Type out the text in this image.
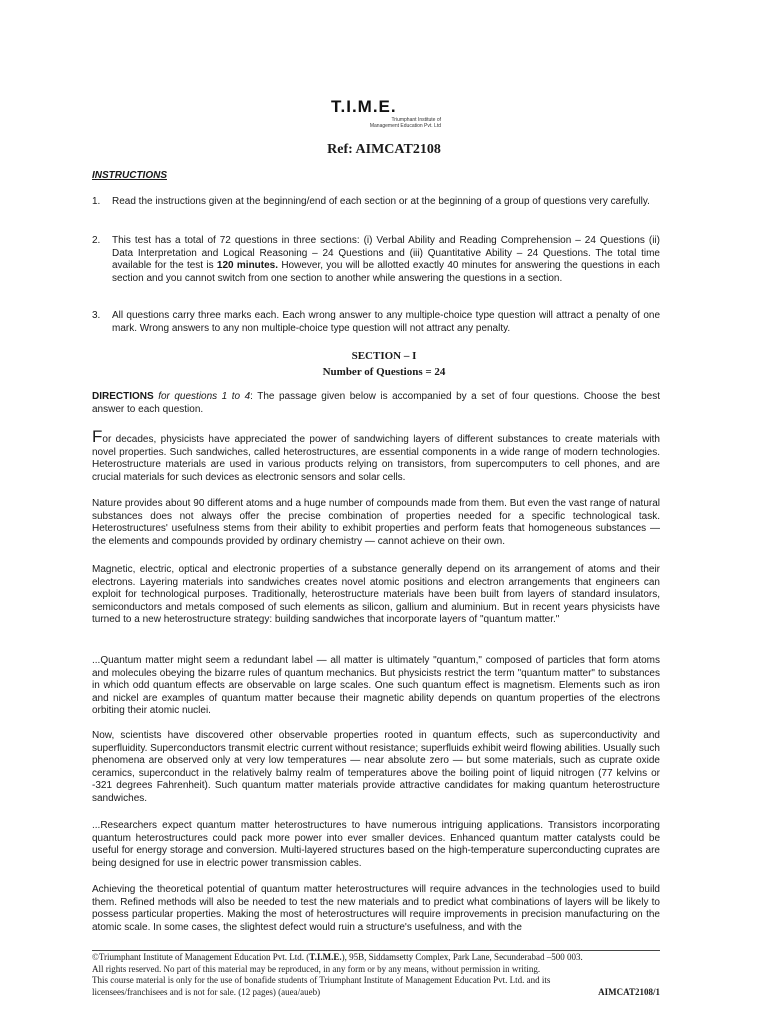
T.I.M.E.
Triumphant Institute of
Management Education Pvt. Ltd
Ref: AIMCAT2108
INSTRUCTIONS
1.	Read the instructions given at the beginning/end of each section or at the beginning of a group of questions very carefully.
2.	This test has a total of 72 questions in three sections: (i) Verbal Ability and Reading Comprehension – 24 Questions (ii) Data Interpretation and Logical Reasoning – 24 Questions and (iii) Quantitative Ability – 24 Questions. The total time available for the test is 120 minutes. However, you will be allotted exactly 40 minutes for answering the questions in each section and you cannot switch from one section to another while answering the questions in a section.
3.	All questions carry three marks each. Each wrong answer to any multiple-choice type question will attract a penalty of one mark. Wrong answers to any non multiple-choice type question will not attract any penalty.
SECTION – I
Number of Questions = 24
DIRECTIONS for questions 1 to 4: The passage given below is accompanied by a set of four questions. Choose the best answer to each question.
For decades, physicists have appreciated the power of sandwiching layers of different substances to create materials with novel properties. Such sandwiches, called heterostructures, are essential components in a wide range of modern technologies. Heterostructure materials are used in various products relying on transistors, from supercomputers to cell phones, and are crucial materials for such devices as electronic sensors and solar cells.
Nature provides about 90 different atoms and a huge number of compounds made from them. But even the vast range of natural substances does not always offer the precise combination of properties needed for a specific technological task. Heterostructures' usefulness stems from their ability to exhibit properties and perform feats that homogeneous substances — the elements and compounds provided by ordinary chemistry — cannot achieve on their own.
Magnetic, electric, optical and electronic properties of a substance generally depend on its arrangement of atoms and their electrons. Layering materials into sandwiches creates novel atomic positions and electron arrangements that engineers can exploit for technological purposes. Traditionally, heterostructure materials have been built from layers of standard insulators, semiconductors and metals composed of such elements as silicon, gallium and aluminium. But in recent years physicists have turned to a new heterostructure strategy: building sandwiches that incorporate layers of "quantum matter."
...Quantum matter might seem a redundant label — all matter is ultimately "quantum," composed of particles that form atoms and molecules obeying the bizarre rules of quantum mechanics. But physicists restrict the term "quantum matter" to substances in which odd quantum effects are observable on large scales. One such quantum effect is magnetism. Elements such as iron and nickel are examples of quantum matter because their magnetic ability depends on quantum properties of the electrons orbiting their atomic nuclei.
Now, scientists have discovered other observable properties rooted in quantum effects, such as superconductivity and superfluidity. Superconductors transmit electric current without resistance; superfluids exhibit weird flowing abilities. Usually such phenomena are observed only at very low temperatures — near absolute zero — but some materials, such as cuprate oxide ceramics, superconduct in the relatively balmy realm of temperatures above the boiling point of liquid nitrogen (77 kelvins or -321 degrees Fahrenheit). Such quantum matter materials provide attractive candidates for making quantum heterostructure sandwiches.
...Researchers expect quantum matter heterostructures to have numerous intriguing applications. Transistors incorporating quantum heterostructures could pack more power into ever smaller devices. Enhanced quantum matter catalysts could be useful for energy storage and conversion. Multi-layered structures based on the high-temperature superconducting cuprates are being designed for use in electric power transmission cables.
Achieving the theoretical potential of quantum matter heterostructures will require advances in the technologies used to build them. Refined methods will also be needed to test the new materials and to predict what combinations of layers will be likely to possess particular properties. Making the most of heterostructures will require improvements in precision manufacturing on the atomic scale. In some cases, the slightest defect would ruin a structure's usefulness, and with the
©Triumphant Institute of Management Education Pvt. Ltd. (T.I.M.E.), 95B, Siddamsetty Complex, Park Lane, Secunderabad –500 003.
All rights reserved. No part of this material may be reproduced, in any form or by any means, without permission in writing.
This course material is only for the use of bonafide students of Triumphant Institute of Management Education Pvt. Ltd. and its
licensees/franchisees and is not for sale. (12 pages) (auea/aueb)	AIMCAT2108/1
